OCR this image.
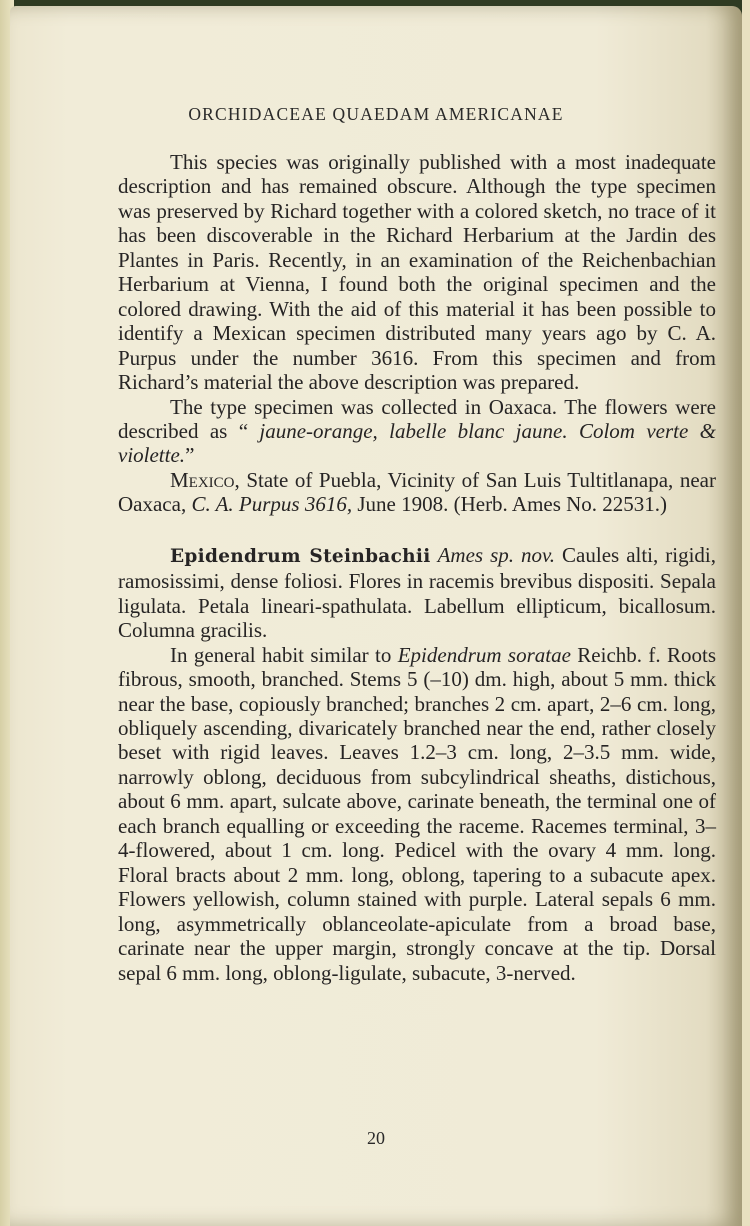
ORCHIDACEAE QUAEDAM AMERICANAE

This species was originally published with a most inadequate description and has remained obscure. Although the type specimen was preserved by Richard together with a colored sketch, no trace of it has been discoverable in the Richard Herbarium at the Jardin des Plantes in Paris. Recently, in an examination of the Reichenbachian Herbarium at Vienna, I found both the original specimen and the colored drawing. With the aid of this material it has been possible to identify a Mexican specimen distributed many years ago by C. A. Purpus under the number 3616. From this specimen and from Richard’s material the above description was prepared.

The type specimen was collected in Oaxaca. The flowers were described as “ jaune-orange, labelle blanc jaune. Colom verte & violette.”

Mexico, State of Puebla, Vicinity of San Luis Tultitlanapa, near Oaxaca, C. A. Purpus 3616, June 1908. (Herb. Ames No. 22531.)

Epidendrum Steinbachii Ames sp. nov. Caules alti, rigidi, ramosissimi, dense foliosi. Flores in racemis brevibus dispositi. Sepala ligulata. Petala lineari-spathulata. Labellum ellipticum, bicallosum. Columna gracilis.

In general habit similar to Epidendrum soratae Reichb. f. Roots fibrous, smooth, branched. Stems 5 (–10) dm. high, about 5 mm. thick near the base, copiously branched; branches 2 cm. apart, 2–6 cm. long, obliquely ascending, divaricately branched near the end, rather closely beset with rigid leaves. Leaves 1.2–3 cm. long, 2–3.5 mm. wide, narrowly oblong, deciduous from subcylindrical sheaths, distichous, about 6 mm. apart, sulcate above, carinate beneath, the terminal one of each branch equalling or exceeding the raceme. Racemes terminal, 3–4-flowered, about 1 cm. long. Pedicel with the ovary 4 mm. long. Floral bracts about 2 mm. long, oblong, tapering to a subacute apex. Flowers yellowish, column stained with purple. Lateral sepals 6 mm. long, asymmetrically oblanceolate-apiculate from a broad base, carinate near the upper margin, strongly concave at the tip. Dorsal sepal 6 mm. long, oblong-ligulate, subacute, 3-nerved.

20
